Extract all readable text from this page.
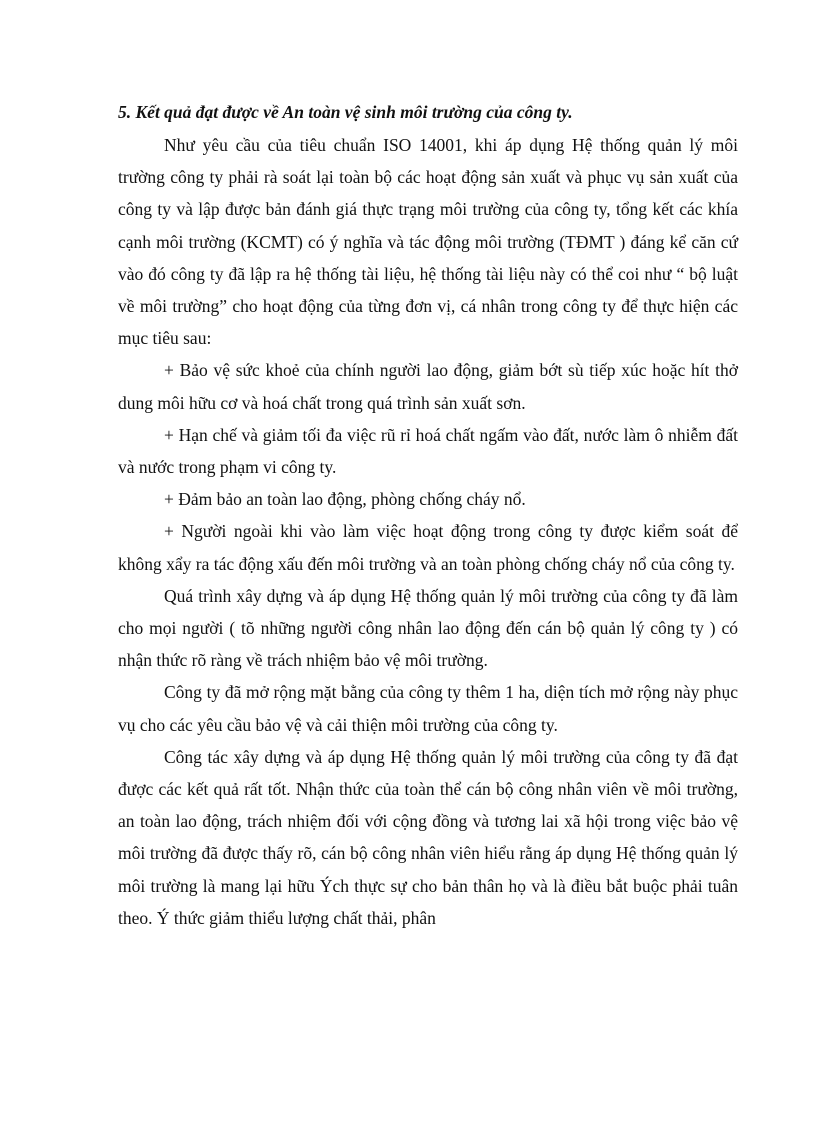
5. Kết quả đạt được về An toàn vệ sinh môi trường của công ty.

Như yêu cầu của tiêu chuẩn ISO 14001, khi áp dụng Hệ thống quản lý môi trường công ty phải rà soát lại toàn bộ các hoạt động sản xuất và phục vụ sản xuất của công ty và lập được bản đánh giá thực trạng môi trường của công ty, tổng kết các khía cạnh môi trường (KCMT) có ý nghĩa và tác động môi trường (TĐMT ) đáng kể căn cứ vào đó công ty đã lập ra hệ thống tài liệu, hệ thống tài liệu này có thể coi như “ bộ luật về môi trường” cho hoạt động của từng đơn vị, cá nhân trong công ty để thực hiện các mục tiêu sau:

+ Bảo vệ sức khoẻ của chính người lao động, giảm bớt sù tiếp xúc hoặc hít thở dung môi hữu cơ và hoá chất trong quá trình sản xuất sơn.

+ Hạn chế và giảm tối đa việc rũ rỉ hoá chất ngấm vào đất, nước làm ô nhiễm đất và nước trong phạm vi công ty.

+ Đảm bảo an toàn lao động, phòng chống cháy nổ.

+ Người ngoài khi vào làm việc hoạt động trong công ty được kiểm soát để không xẩy ra tác động xấu đến môi trường và an toàn phòng chống cháy nổ của công ty.

Quá trình xây dựng và áp dụng Hệ thống quản lý môi trường của công ty đã làm cho mọi người ( tõ những người công nhân lao động đến cán bộ quản lý công ty ) có nhận thức rõ ràng về trách nhiệm bảo vệ môi trường.

Công ty đã mở rộng mặt bằng của công ty thêm 1 ha, diện tích mở rộng này phục vụ cho các yêu cầu bảo vệ và cải thiện môi trường của công ty.

Công tác xây dựng và áp dụng Hệ thống quản lý môi trường của công ty đã đạt được các kết quả rất tốt. Nhận thức của toàn thể cán bộ công nhân viên về môi trường, an toàn lao động, trách nhiệm đối với cộng đồng và tương lai xã hội trong việc bảo vệ môi trường đã được thấy rõ, cán bộ công nhân viên hiểu rằng áp dụng Hệ thống quản lý môi trường là mang lại hữu Ých thực sự cho bản thân họ và là điều bắt buộc phải tuân theo. Ý thức giảm thiểu lượng chất thải, phân
